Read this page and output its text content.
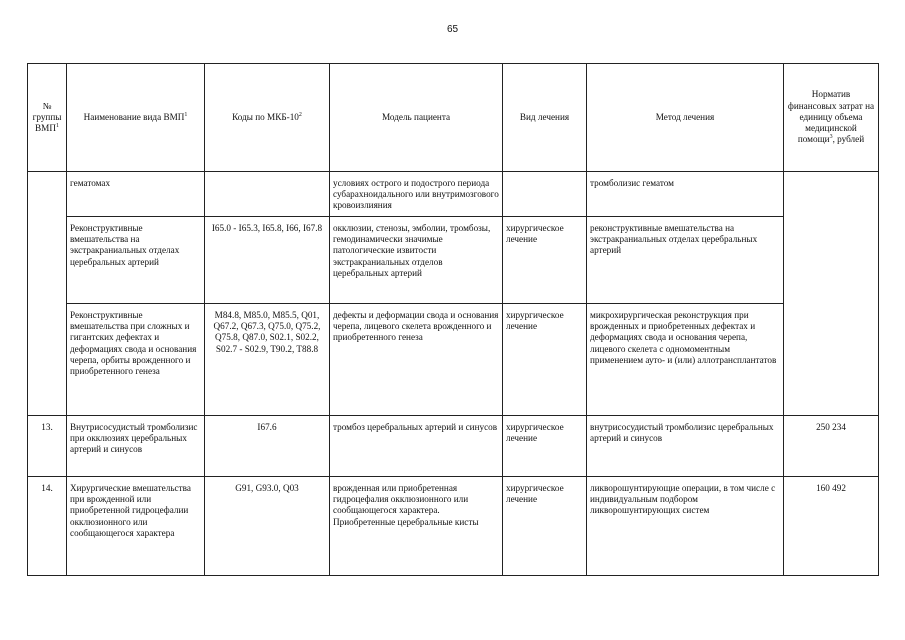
65
№ группы ВМП$^1$	Наименование вида ВМП$^1$	Коды по МКБ-$10^2$	Модель пациента	Вид лечения	Метод лечения	Норматив финансовых затрат на единицу объема медицинской помощи$^3$, рублей
	гематомах		условиях острого и подострого периода субарахноидального или внутримозгового кровоизлияния		тромболизис гематом	
	Реконструктивные вмешательства на экстракраниальных отделах церебральных артерий	I65.0 - I65.3, I65.8, I66, I67.8	окклюзии, стенозы, эмболии, тромбозы, гемодинамически значимые патологические извитости экстракраниальных отделов церебральных артерий	хирургическое лечение	реконструктивные вмешательства на экстракраниальных отделах церебральных артерий	
	Реконструктивные вмешательства при сложных и гигантских дефектах и деформациях свода и основания черепа, орбиты врожденного и приобретенного генеза	M84.8, M85.0, M85.5, Q01, Q67.2, Q67.3, Q75.0, Q75.2, Q75.8, Q87.0, S02.1, S02.2, S02.7 - S02.9, T90.2, T88.8	дефекты и деформации свода и основания черепа, лицевого скелета врожденного и приобретенного генеза	хирургическое лечение	микрохирургическая реконструкция при врожденных и приобретенных дефектах и деформациях свода и основания черепа, лицевого скелета с одномоментным применением ауто- и (или) аллотрансплантатов	
13.	Внутрисосудистый тромболизис при окклюзиях церебральных артерий и синусов	I67.6	тромбоз церебральных артерий и синусов	хирургическое лечение	внутрисосудистый тромболизис церебральных артерий и синусов	250 234
14.	Хирургические вмешательства при врожденной или приобретенной гидроцефалии окклюзионного или сообщающегося характера	G91, G93.0, Q03	врожденная или приобретенная гидроцефалия окклюзионного или сообщающегося характера. Приобретенные церебральные кисты	хирургическое лечение	ликворошунтирующие операции, в том числе с индивидуальным подбором ликворошунтирующих систем	160 492
